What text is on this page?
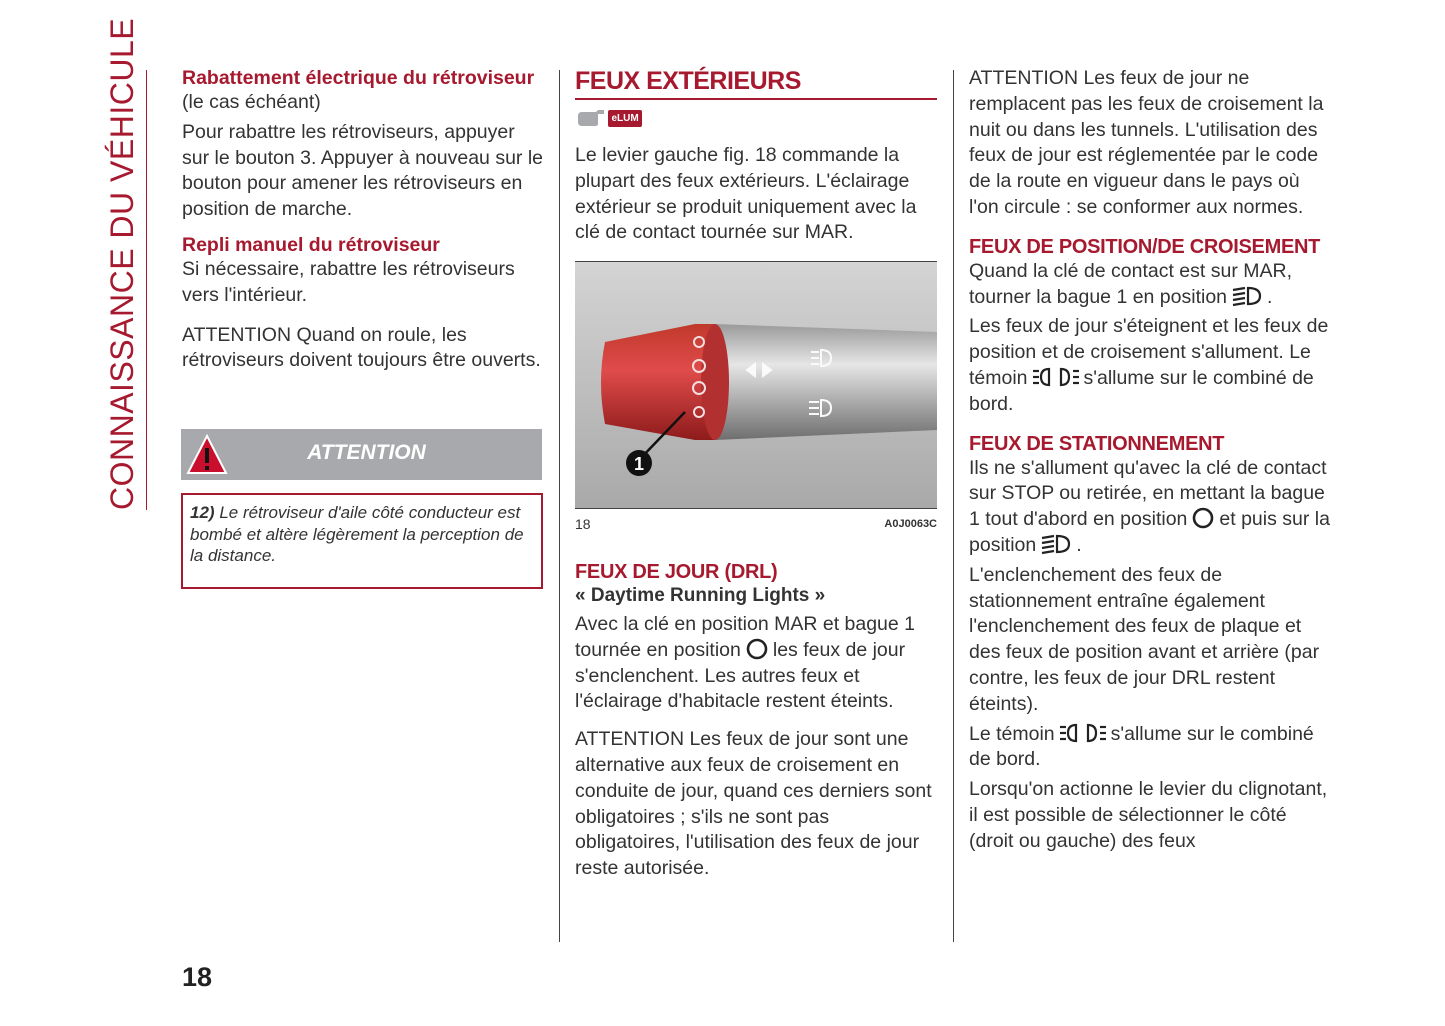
CONNAISSANCE DU VÉHICULE Rabattement électrique du rétroviseur

(le cas échéant)

Pour rabattre les rétroviseurs, appuyer sur le bouton 3. Appuyer à nouveau sur le bouton pour amener les rétroviseurs en position de marche.

Repli manuel du rétroviseur

Si nécessaire, rabattre les rétroviseurs vers l'intérieur.

ATTENTION Quand on roule, les rétroviseurs doivent toujours être ouverts.

ATTENTION
12) Le rétroviseur d'aile côté conducteur est bombé et altère légèrement la perception de la distance.
FEUX EXTÉRIEURS
eLUM

Le levier gauche fig. 18 commande la plupart des feux extérieurs. L'éclairage extérieur se produit uniquement avec la clé de contact tournée sur MAR.

1
18	A0J0063C
FEUX DE JOUR (DRL)
« Daytime Running Lights »

Avec la clé en position MAR et bague 1 tournée en position les feux de jour s'enclenchent. Les autres feux et l'éclairage d'habitacle restent éteints.

ATTENTION Les feux de jour sont une alternative aux feux de croisement en conduite de jour, quand ces derniers sont obligatoires ; s'ils ne sont pas obligatoires, l'utilisation des feux de jour reste autorisée.

ATTENTION Les feux de jour ne remplacent pas les feux de croisement la nuit ou dans les tunnels. L'utilisation des feux de jour est réglementée par le code de la route en vigueur dans le pays où l'on circule : se conformer aux normes.

FEUX DE POSITION/DE CROISEMENT

Quand la clé de contact est sur MAR, tourner la bague 1 en position .

Les feux de jour s'éteignent et les feux de position et de croisement s'allument. Le témoin	s'allume sur le combiné de bord.

FEUX DE STATIONNEMENT

Ils ne s'allument qu'avec la clé de contact sur STOP ou retirée, en mettant la bague 1 tout d'abord en position et puis sur la position .

L'enclenchement des feux de stationnement entraîne également l'enclenchement des feux de plaque et des feux de position avant et arrière (par contre, les feux de jour DRL restent éteints).

Le témoin	s'allume sur le combiné de bord.

Lorsqu'on actionne le levier du clignotant, il est possible de sélectionner le côté (droit ou gauche) des feux

18
